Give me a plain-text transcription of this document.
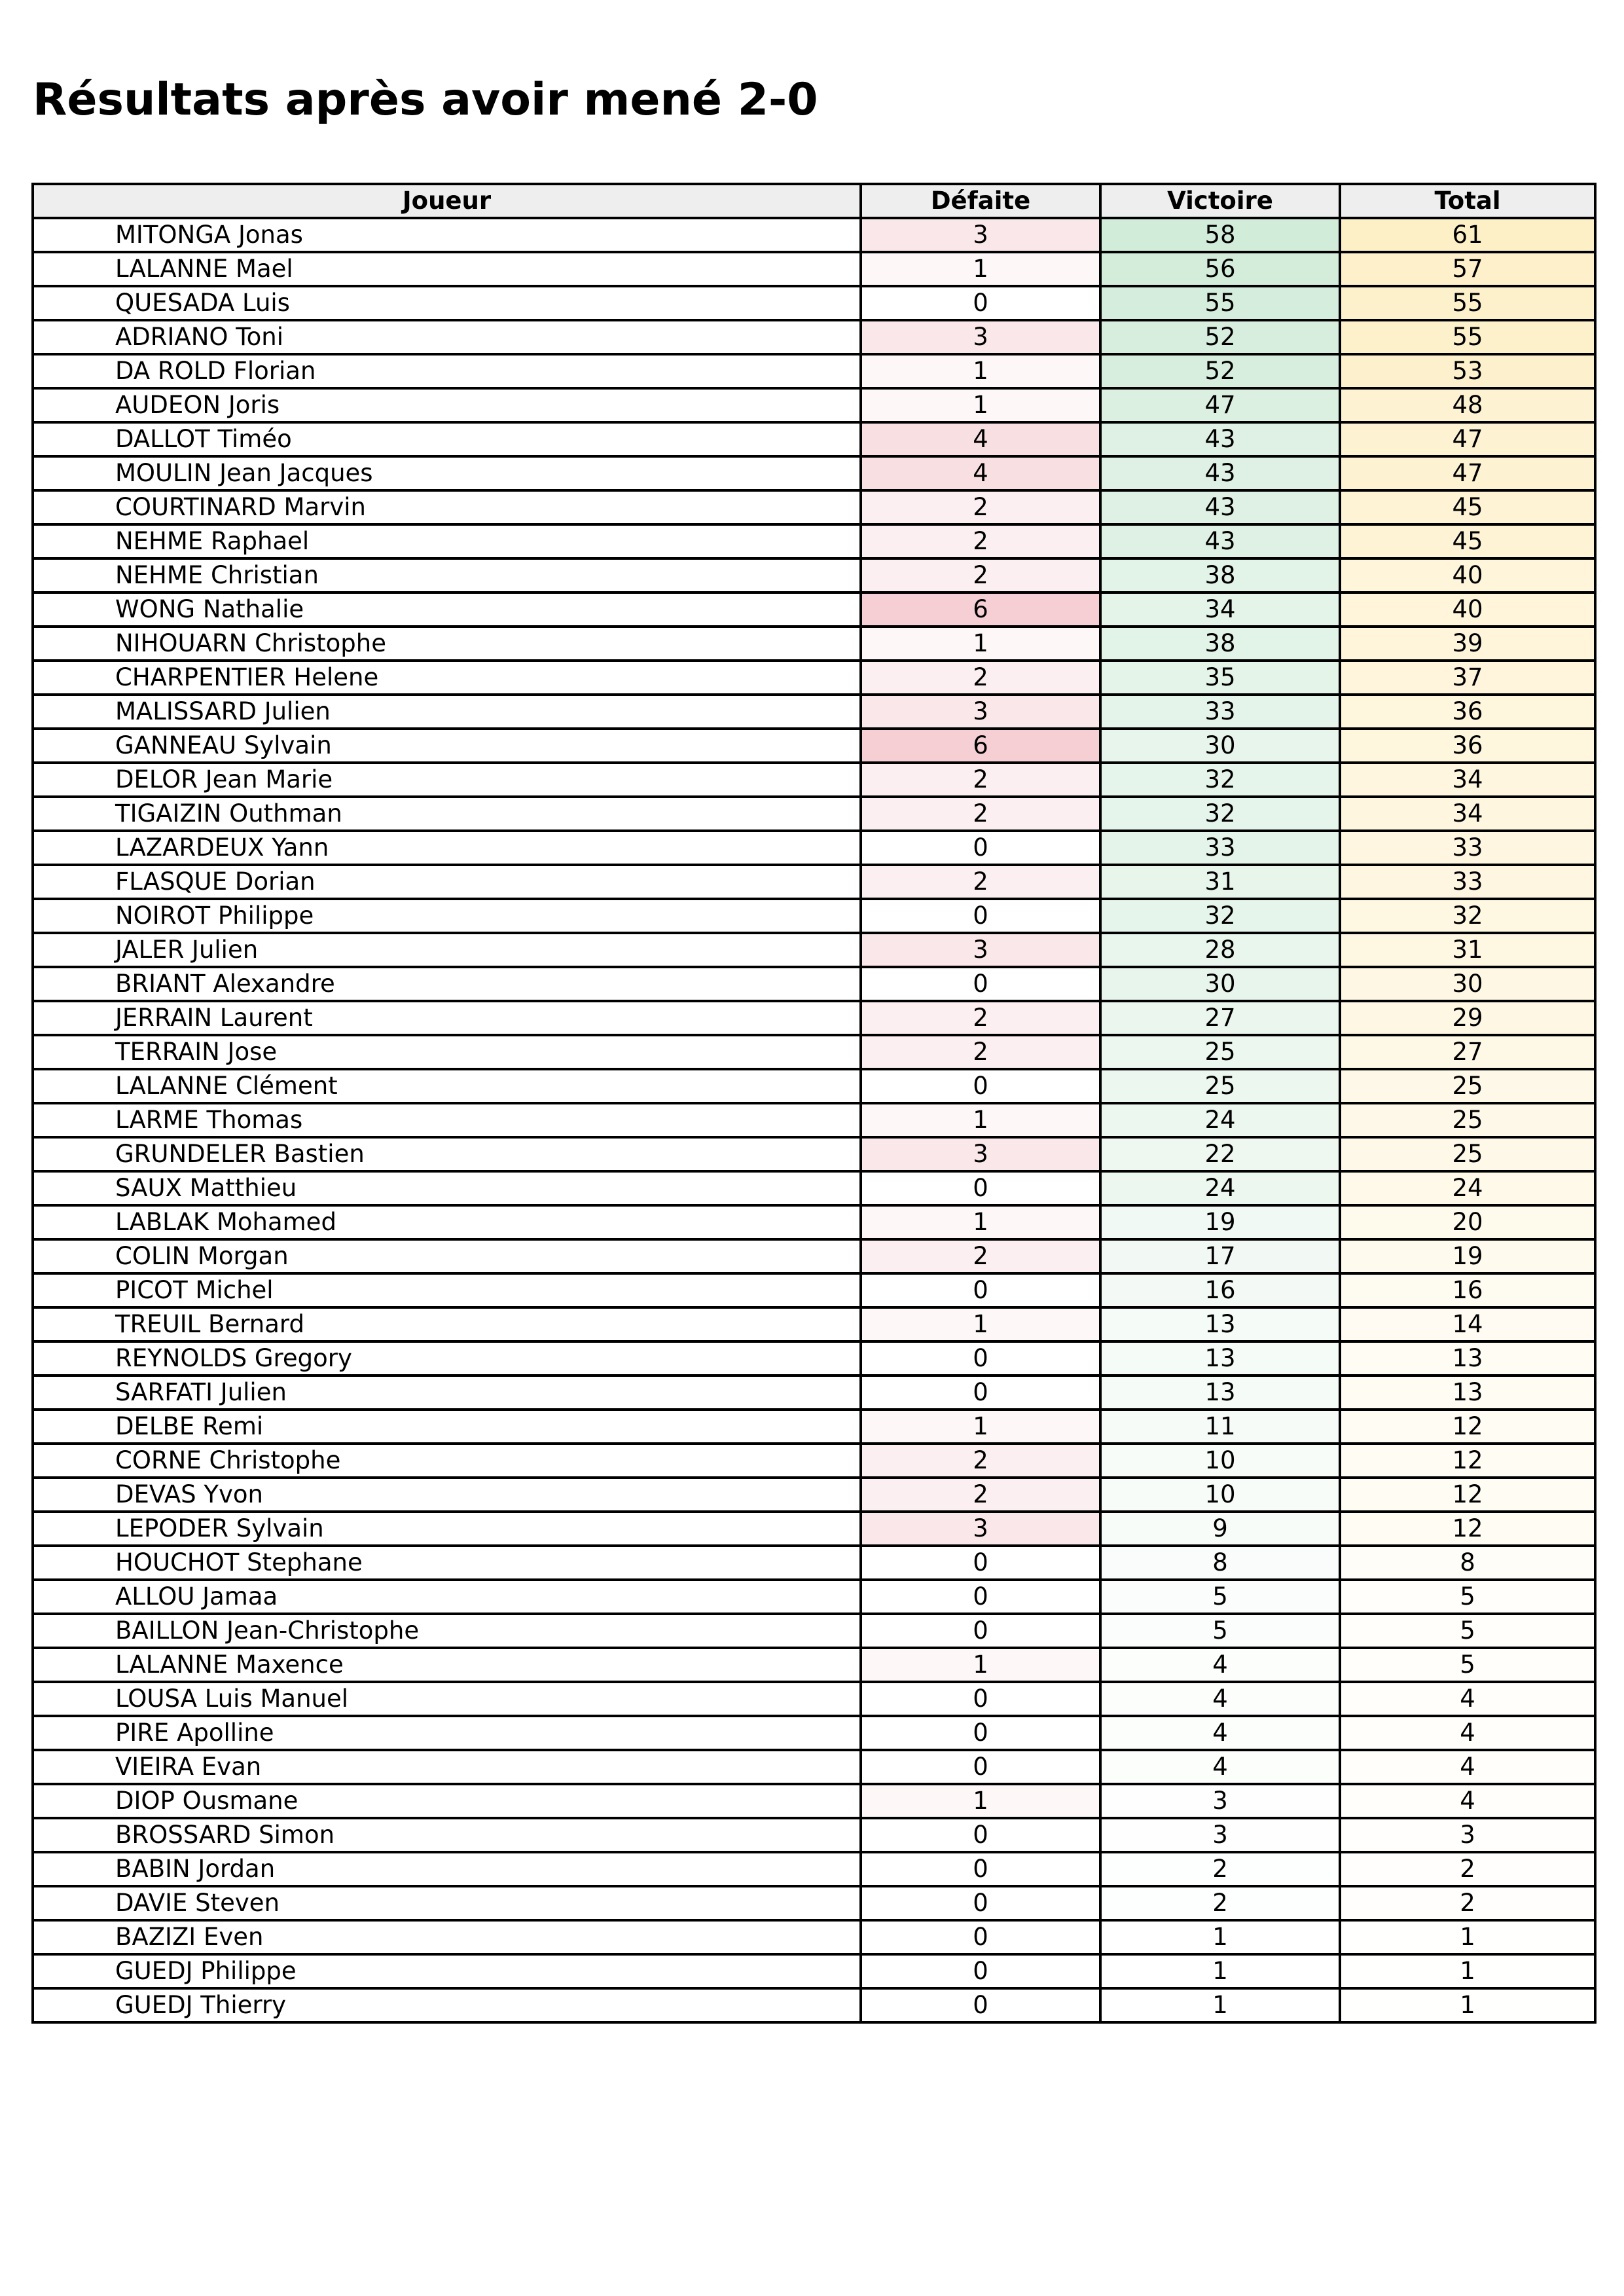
Résultats après avoir mené 2-0
Joueur	Défaite	Victoire	Total
MITONGA Jonas	3	58	61
LALANNE Mael	1	56	57
QUESADA Luis	0	55	55
ADRIANO Toni	3	52	55
DA ROLD Florian	1	52	53
AUDEON Joris	1	47	48
DALLOT Timéo	4	43	47
MOULIN Jean Jacques	4	43	47
COURTINARD Marvin	2	43	45
NEHME Raphael	2	43	45
NEHME Christian	2	38	40
WONG Nathalie	6	34	40
NIHOUARN Christophe	1	38	39
CHARPENTIER Helene	2	35	37
MALISSARD Julien	3	33	36
GANNEAU Sylvain	6	30	36
DELOR Jean Marie	2	32	34
TIGAIZIN Outhman	2	32	34
LAZARDEUX Yann	0	33	33
FLASQUE Dorian	2	31	33
NOIROT Philippe	0	32	32
JALER Julien	3	28	31
BRIANT Alexandre	0	30	30
JERRAIN Laurent	2	27	29
TERRAIN Jose	2	25	27
LALANNE Clément	0	25	25
LARME Thomas	1	24	25
GRUNDELER Bastien	3	22	25
SAUX Matthieu	0	24	24
LABLAK Mohamed	1	19	20
COLIN Morgan	2	17	19
PICOT Michel	0	16	16
TREUIL Bernard	1	13	14
REYNOLDS Gregory	0	13	13
SARFATI Julien	0	13	13
DELBE Remi	1	11	12
CORNE Christophe	2	10	12
DEVAS Yvon	2	10	12
LEPODER Sylvain	3	9	12
HOUCHOT Stephane	0	8	8
ALLOU Jamaa	0	5	5
BAILLON Jean-Christophe	0	5	5
LALANNE Maxence	1	4	5
LOUSA Luis Manuel	0	4	4
PIRE Apolline	0	4	4
VIEIRA Evan	0	4	4
DIOP Ousmane	1	3	4
BROSSARD Simon	0	3	3
BABIN Jordan	0	2	2
DAVIE Steven	0	2	2
BAZIZI Even	0	1	1
GUEDJ Philippe	0	1	1
GUEDJ Thierry	0	1	1
